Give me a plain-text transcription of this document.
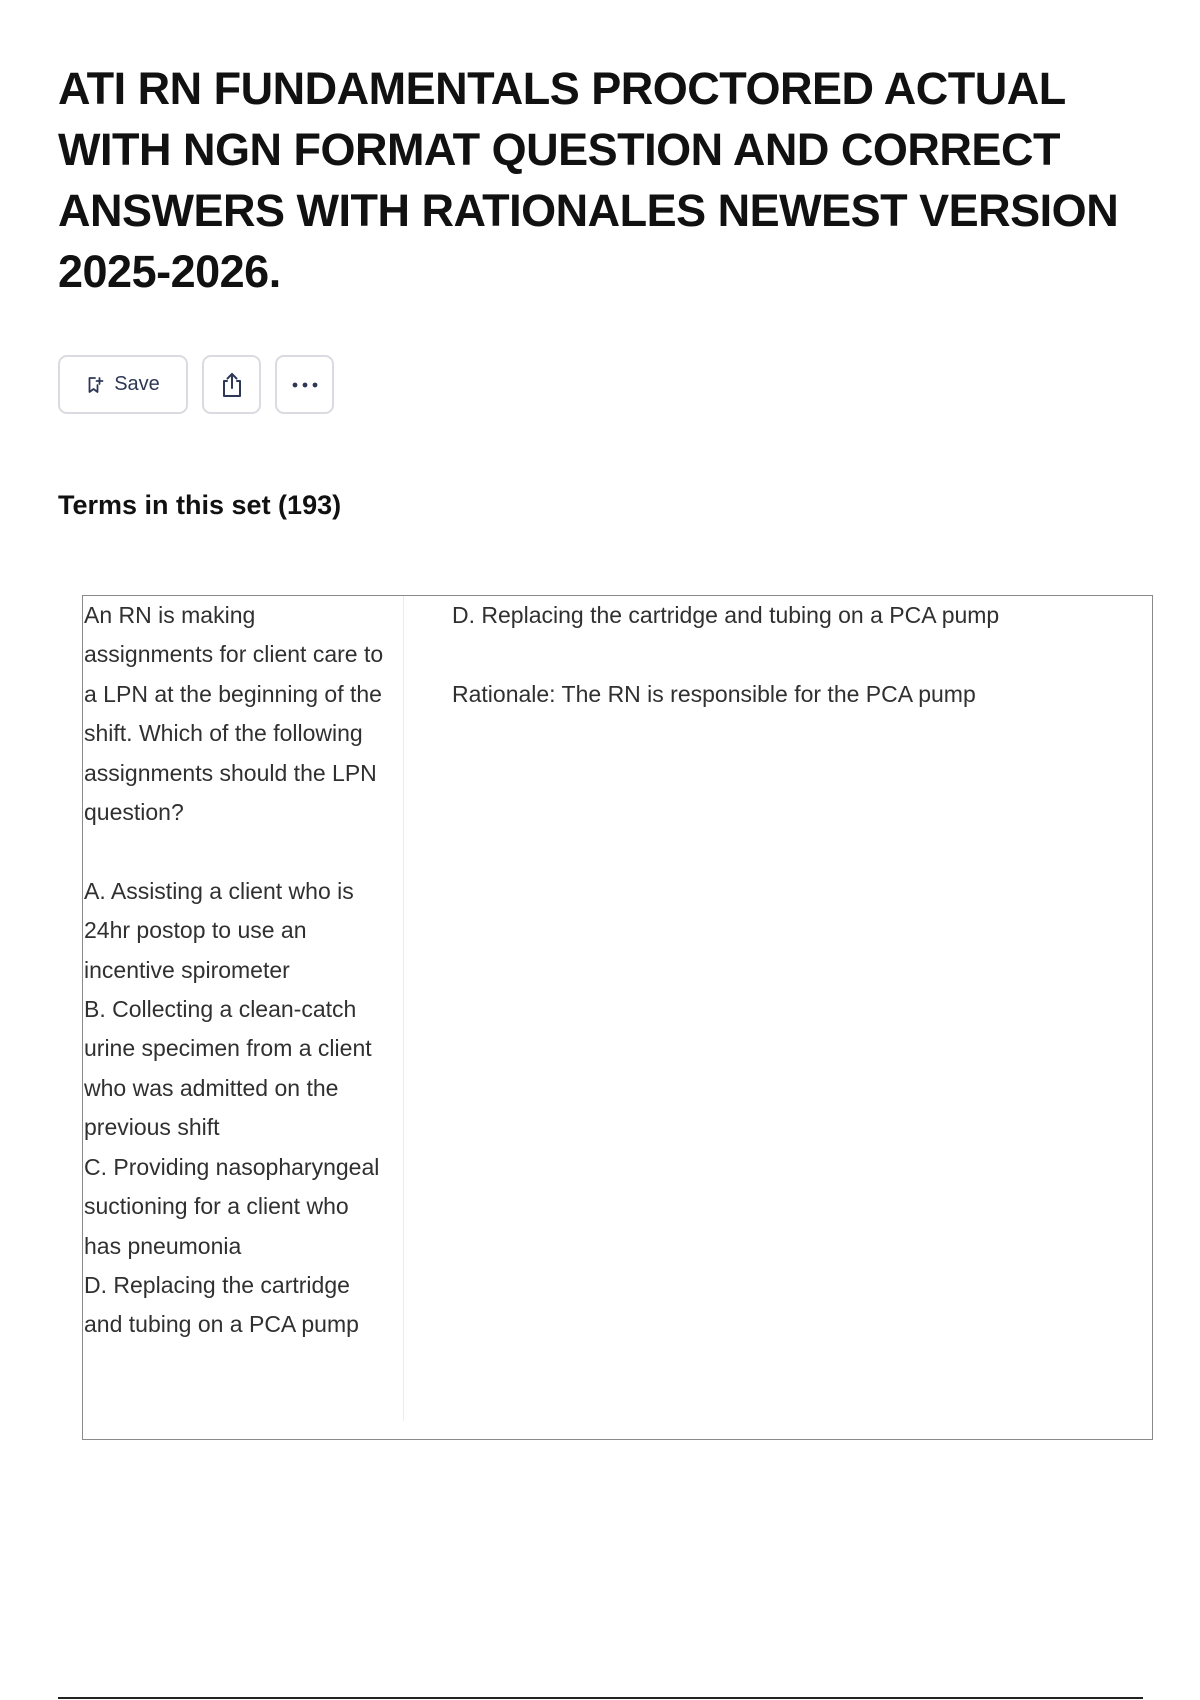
ATI RN FUNDAMENTALS PROCTORED ACTUAL WITH NGN FORMAT QUESTION AND CORRECT ANSWERS WITH RATIONALES NEWEST VERSION 2025-2026.
Save
Terms in this set (193)

An RN is making assignments for client care to a LPN at the beginning of the shift. Which of the following assignments should the LPN question?

A. Assisting a client who is 24hr postop to use an incentive spirometer
B. Collecting a clean-catch urine specimen from a client who was admitted on the previous shift
C. Providing nasopharyngeal suctioning for a client who has pneumonia
D. Replacing the cartridge and tubing on a PCA pump

D. Replacing the cartridge and tubing on a PCA pump

Rationale: The RN is responsible for the PCA pump
